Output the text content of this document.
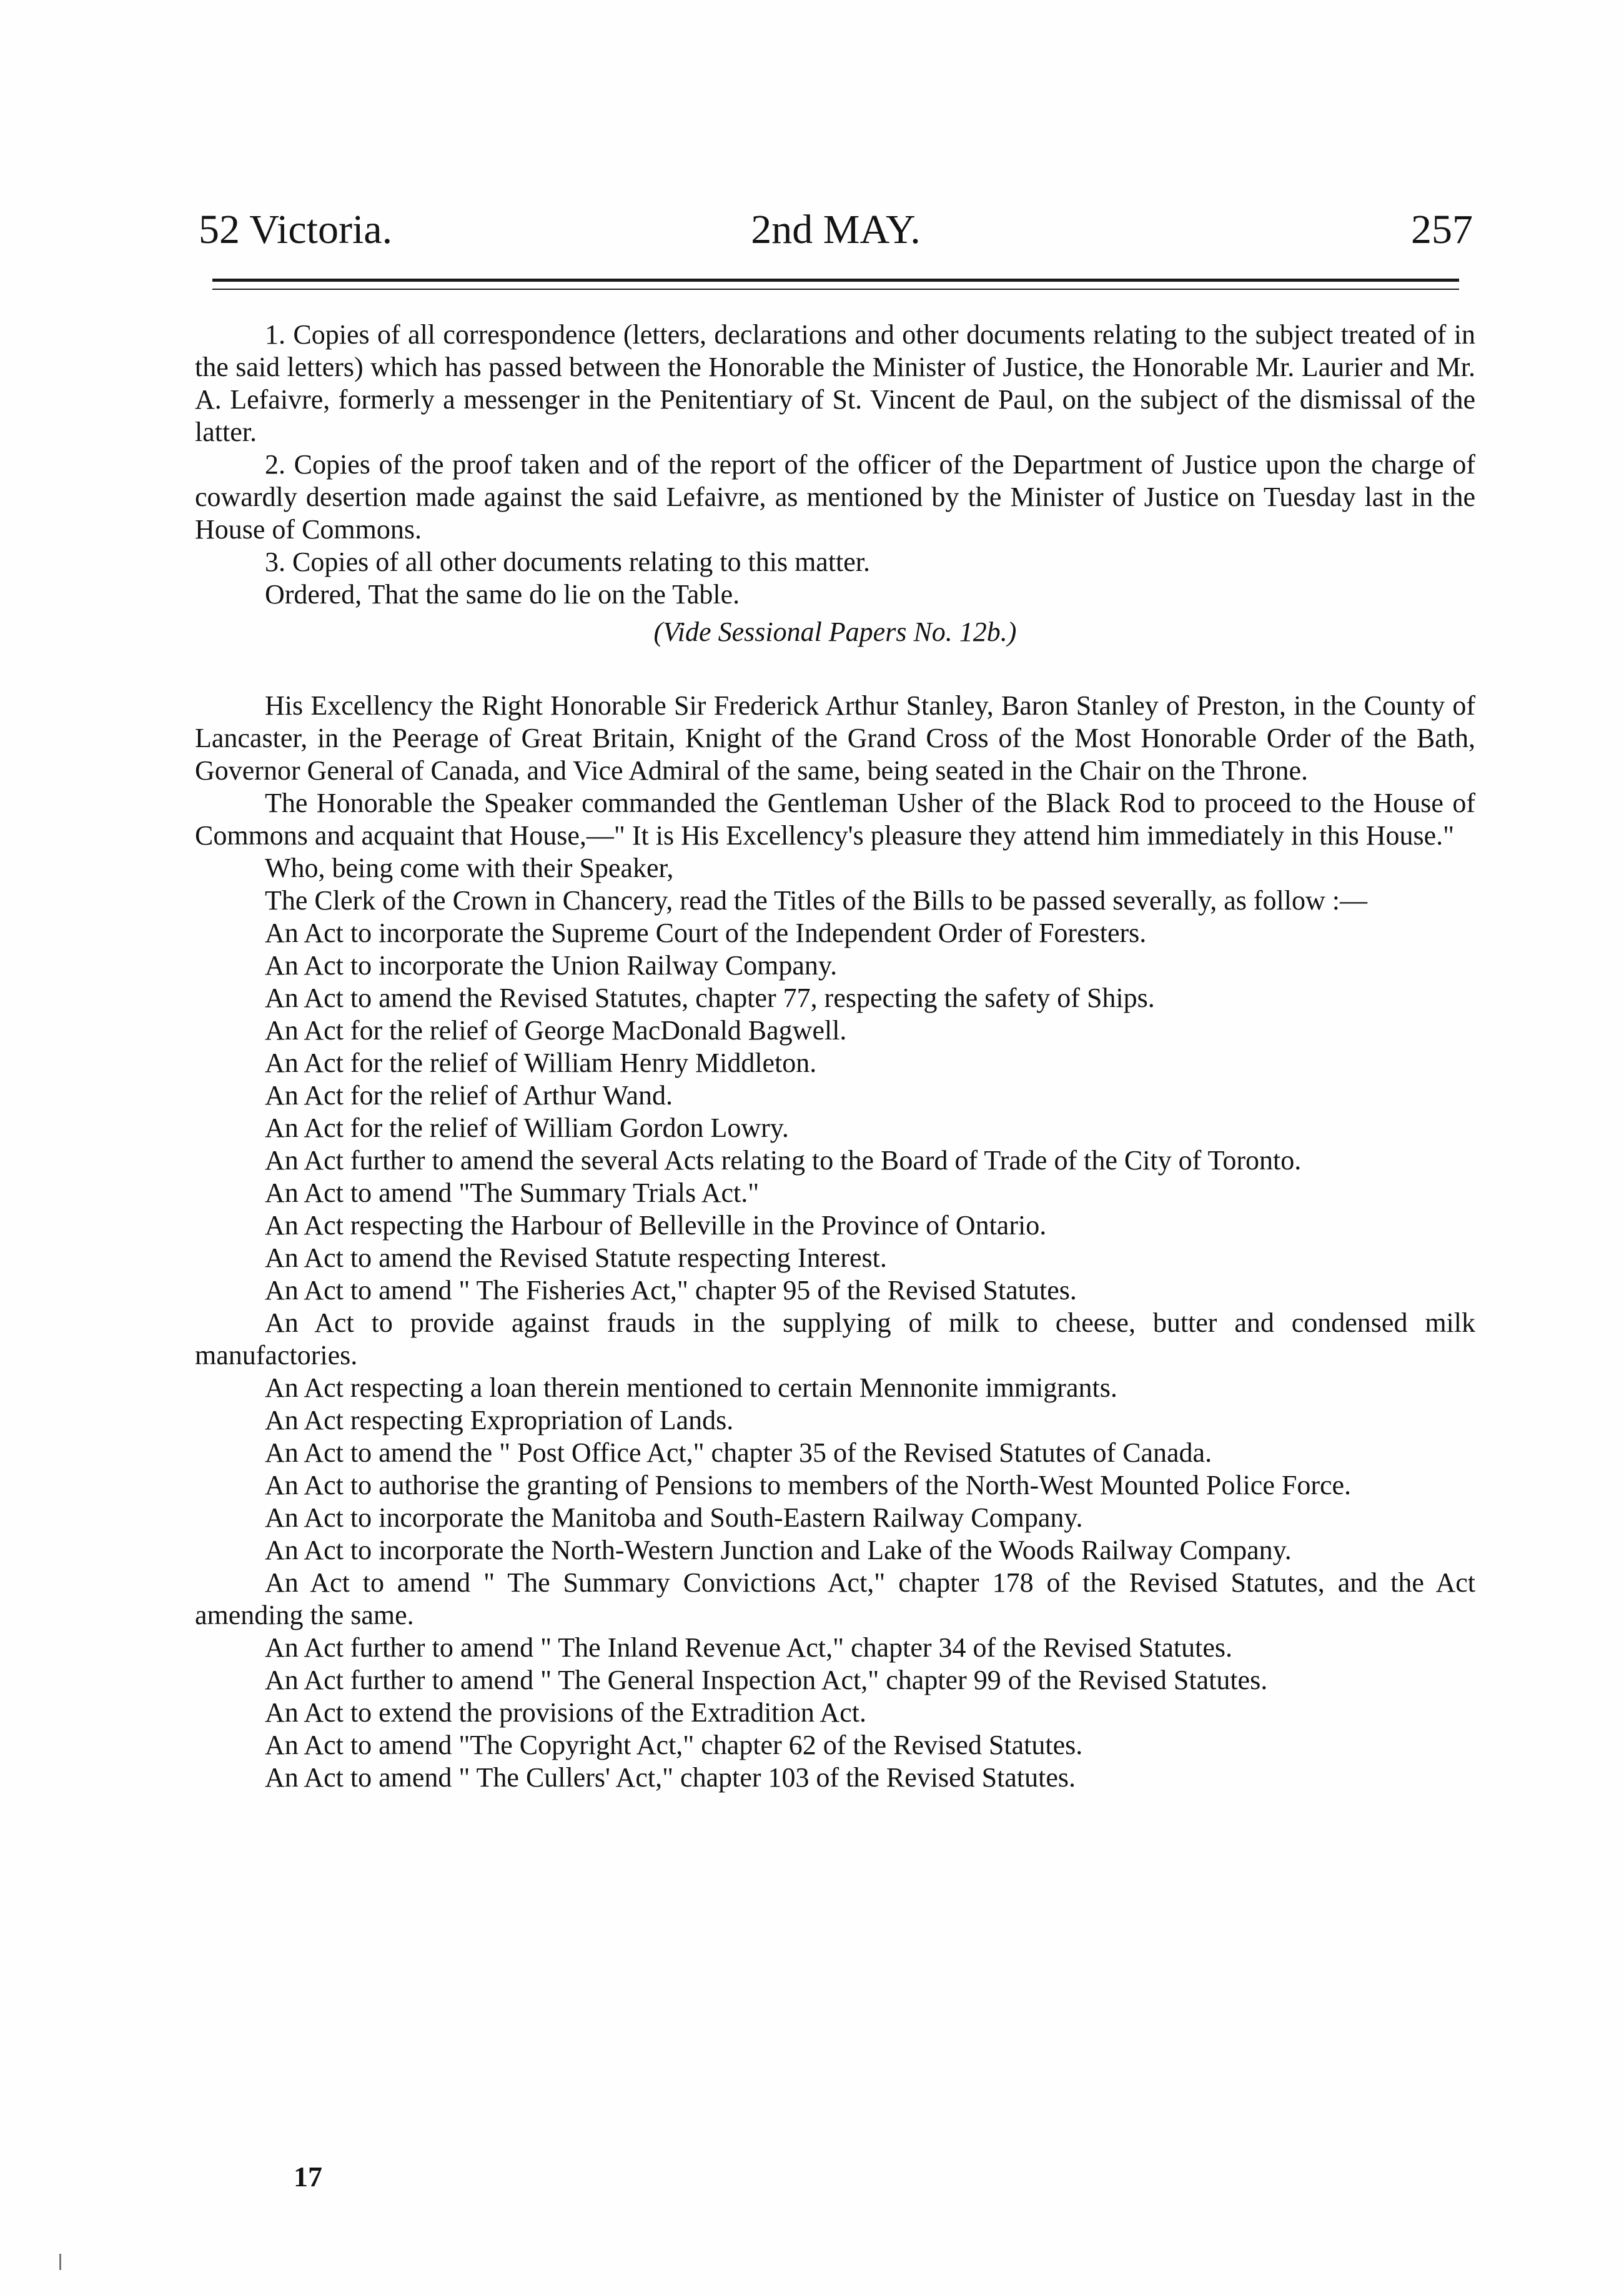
52 Victoria.	2nd MAY.	257

1. Copies of all correspondence (letters, declarations and other documents relating to the subject treated of in the said letters) which has passed between the Honorable the Minister of Justice, the Honorable Mr. Laurier and Mr. A. Lefaivre, formerly a messenger in the Penitentiary of St. Vincent de Paul, on the subject of the dismissal of the latter.

2. Copies of the proof taken and of the report of the officer of the Department of Justice upon the charge of cowardly desertion made against the said Lefaivre, as mentioned by the Minister of Justice on Tuesday last in the House of Commons.

3. Copies of all other documents relating to this matter.

Ordered, That the same do lie on the Table.

(Vide Sessional Papers No. 12b.)

His Excellency the Right Honorable Sir Frederick Arthur Stanley, Baron Stanley of Preston, in the County of Lancaster, in the Peerage of Great Britain, Knight of the Grand Cross of the Most Honorable Order of the Bath, Governor General of Canada, and Vice Admiral of the same, being seated in the Chair on the Throne.

The Honorable the Speaker commanded the Gentleman Usher of the Black Rod to proceed to the House of Commons and acquaint that House,—" It is His Excellency's pleasure they attend him immediately in this House."

Who, being come with their Speaker,

The Clerk of the Crown in Chancery, read the Titles of the Bills to be passed severally, as follow :—

An Act to incorporate the Supreme Court of the Independent Order of Foresters.

An Act to incorporate the Union Railway Company.

An Act to amend the Revised Statutes, chapter 77, respecting the safety of Ships.

An Act for the relief of George MacDonald Bagwell.

An Act for the relief of William Henry Middleton.

An Act for the relief of Arthur Wand.

An Act for the relief of William Gordon Lowry.

An Act further to amend the several Acts relating to the Board of Trade of the City of Toronto.

An Act to amend "The Summary Trials Act."

An Act respecting the Harbour of Belleville in the Province of Ontario.

An Act to amend the Revised Statute respecting Interest.

An Act to amend " The Fisheries Act," chapter 95 of the Revised Statutes.

An Act to provide against frauds in the supplying of milk to cheese, butter and condensed milk manufactories.

An Act respecting a loan therein mentioned to certain Mennonite immigrants.

An Act respecting Expropriation of Lands.

An Act to amend the " Post Office Act," chapter 35 of the Revised Statutes of Canada.

An Act to authorise the granting of Pensions to members of the North-West Mounted Police Force.

An Act to incorporate the Manitoba and South-Eastern Railway Company.

An Act to incorporate the North-Western Junction and Lake of the Woods Railway Company.

An Act to amend " The Summary Convictions Act," chapter 178 of the Revised Statutes, and the Act amending the same.

An Act further to amend " The Inland Revenue Act," chapter 34 of the Revised Statutes.

An Act further to amend " The General Inspection Act," chapter 99 of the Revised Statutes.

An Act to extend the provisions of the Extradition Act.

An Act to amend "The Copyright Act," chapter 62 of the Revised Statutes.

An Act to amend " The Cullers' Act," chapter 103 of the Revised Statutes.

17
